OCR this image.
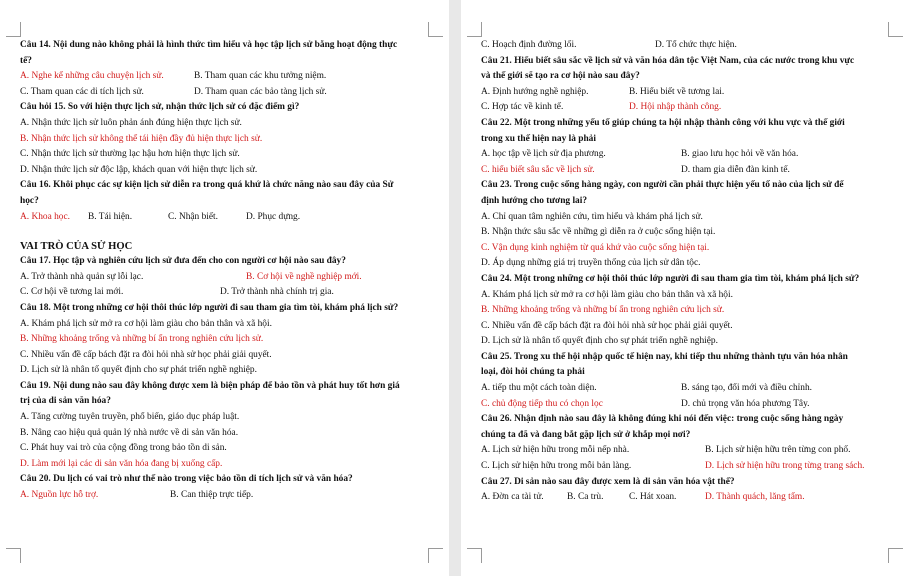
Câu 14. Nội dung nào không phải là hình thức tìm hiểu và học tập lịch sử bằng hoạt động thực
tế?
A. Nghe kể những câu chuyện lịch sử.	B. Tham quan các khu tưởng niệm.
C. Tham quan các di tích lịch sử.	D. Tham quan các bảo tàng lịch sử.
Câu hỏi 15. So với hiện thực lịch sử, nhận thức lịch sử có đặc điểm gì?
A. Nhận thức lịch sử luôn phản ánh đúng hiện thực lịch sử.
B. Nhận thức lịch sử không thể tái hiện đầy đủ hiện thực lịch sử.
C. Nhận thức lịch sử thường lạc hậu hơn hiện thực lịch sử.
D. Nhận thức lịch sử độc lập, khách quan với hiện thực lịch sử.
Câu 16. Khôi phục các sự kiện lịch sử diễn ra trong quá khứ là chức năng nào sau đây của Sử
học?
A. Khoa học. B. Tái hiện.	C. Nhận biết.	D. Phục dựng.
VAI TRÒ CỦA SỬ HỌC
Câu 17. Học tập và nghiên cứu lịch sử đưa đến cho con người cơ hội nào sau đây?
A. Trở thành nhà quản sự lỗi lạc.	B. Cơ hội về nghề nghiệp mới.
C. Cơ hội về tương lai mới.	D. Trở thành nhà chính trị gia.
Câu 18. Một trong những cơ hội thôi thúc lớp người đi sau tham gia tìm tòi, khám phá lịch sử?
A. Khám phá lịch sử mở ra cơ hội làm giàu cho bản thân và xã hội.
B. Những khoảng trống và những bí ẩn trong nghiên cứu lịch sử.
C. Nhiều vấn đề cấp bách đặt ra đòi hỏi nhà sử học phải giải quyết.
D. Lịch sử là nhân tố quyết định cho sự phát triển nghề nghiệp.
Câu 19. Nội dung nào sau đây không được xem là biện pháp để bảo tồn và phát huy tốt hơn giá
trị của di sản văn hóa?
A. Tăng cường tuyên truyền, phổ biến, giáo dục pháp luật.
B. Nâng cao hiệu quả quản lý nhà nước về di sản văn hóa.
C. Phát huy vai trò của cộng đồng trong bảo tồn di sản.
D. Làm mới lại các di sản văn hóa đang bị xuống cấp.
Câu 20. Du lịch có vai trò như thế nào trong việc bảo tồn di tích lịch sử và văn hóa?
A. Nguồn lực hỗ trợ.	B. Can thiệp trực tiếp.
C. Hoạch định đường lối.	D. Tổ chức thực hiện.
Câu 21. Hiểu biết sâu sắc về lịch sử và văn hóa dân tộc Việt Nam, của các nước trong khu vực
và thế giới sẽ tạo ra cơ hội nào sau đây?
A. Định hướng nghề nghiệp.	B. Hiểu biết về tương lai.
C. Hợp tác về kinh tế.	D. Hội nhập thành công.
Câu 22. Một trong những yếu tố giúp chúng ta hội nhập thành công với khu vực và thế giới
trong xu thế hiện nay là phải
A. học tập về lịch sử địa phương.	B. giao lưu học hỏi về văn hóa.
C. hiểu biết sâu sắc về lịch sử.	D. tham gia diễn đàn kinh tế.
Câu 23. Trong cuộc sống hàng ngày, con người cần phải thực hiện yếu tố nào của lịch sử để
định hướng cho tương lai?
A. Chỉ quan tâm nghiên cứu, tìm hiểu và khám phá lịch sử.
B. Nhận thức sâu sắc về những gì diễn ra ở cuộc sống hiện tại.
C. Vận dụng kinh nghiệm từ quá khứ vào cuộc sống hiện tại.
D. Áp dụng những giá trị truyền thống của lịch sử dân tộc.
Câu 24. Một trong những cơ hội thôi thúc lớp người đi sau tham gia tìm tòi, khám phá lịch sử?
A. Khám phá lịch sử mở ra cơ hội làm giàu cho bản thân và xã hội.
B. Những khoảng trống và những bí ẩn trong nghiên cứu lịch sử.
C. Nhiều vấn đề cấp bách đặt ra đòi hỏi nhà sử học phải giải quyết.
D. Lịch sử là nhân tố quyết định cho sự phát triển nghề nghiệp.
Câu 25. Trong xu thế hội nhập quốc tế hiện nay, khi tiếp thu những thành tựu văn hóa nhân
loại, đòi hỏi chúng ta phải
A. tiếp thu một cách toàn diện.	B. sáng tạo, đổi mới và điều chỉnh.
C. chủ động tiếp thu có chọn lọc	D. chủ trọng văn hóa phương Tây.
Câu 26. Nhận định nào sau đây là không đúng khi nói đến việc: trong cuộc sống hàng ngày
chúng ta đã và đang bắt gặp lịch sử ở khắp mọi nơi?
A. Lịch sử hiện hữu trong mỗi nếp nhà.	B. Lịch sử hiện hữu trên từng con phố.
C. Lịch sử hiện hữu trong mỗi bản làng.	D. Lịch sử hiện hữu trong từng trang sách.
Câu 27. Di sản nào sau đây được xem là di sản văn hóa vật thể?
A. Đờn ca tài tử. B. Ca trù.	C. Hát xoan.	D. Thành quách, lăng tẩm.
